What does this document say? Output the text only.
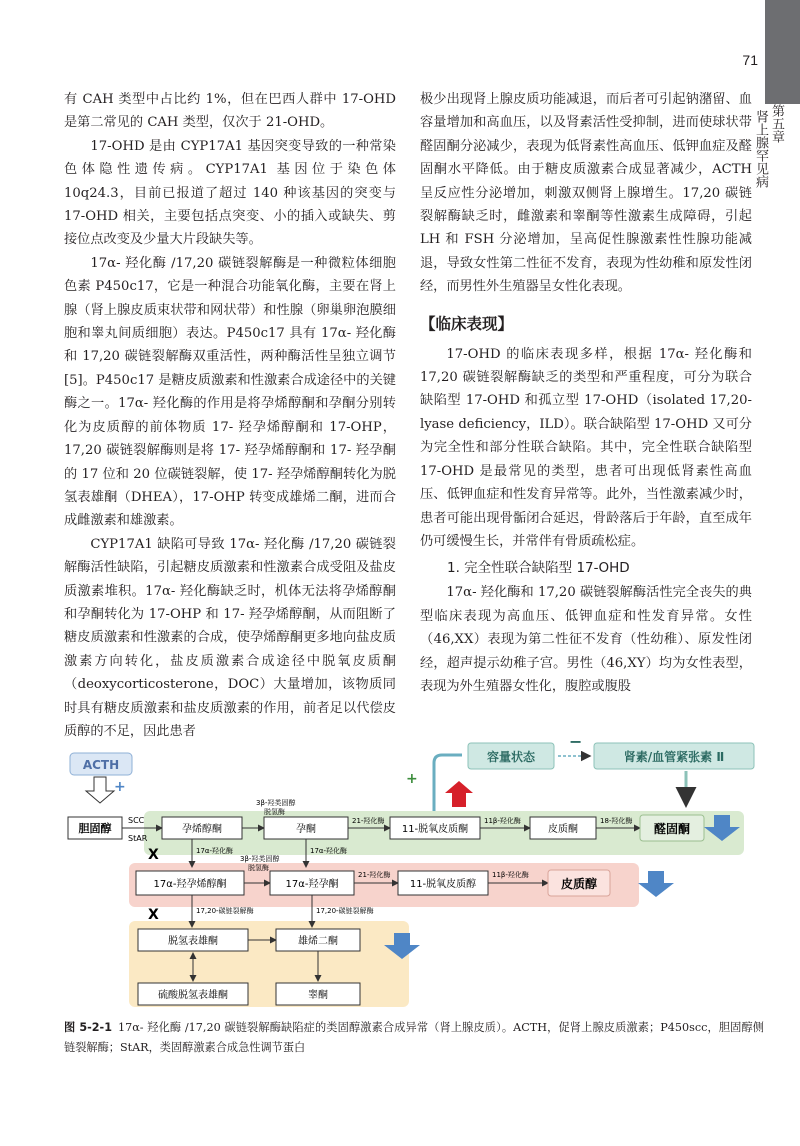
第五章
肾上腺罕见病
71

有 CAH 类型中占比约 1%，但在巴西人群中 17-OHD 是第二常见的 CAH 类型，仅次于 21-OHD。

17-OHD 是由 CYP17A1 基因突变导致的一种常染色体隐性遗传病。CYP17A1 基因位于染色体 10q24.3，目前已报道了超过 140 种该基因的突变与 17-OHD 相关，主要包括点突变、小的插入或缺失、剪接位点改变及少量大片段缺失等。

17α- 羟化酶 /17,20 碳链裂解酶是一种微粒体细胞色素 P450c17，它是一种混合功能氧化酶，主要在肾上腺（肾上腺皮质束状带和网状带）和性腺（卵巢卵泡膜细胞和睾丸间质细胞）表达。P450c17 具有 17α- 羟化酶和 17,20 碳链裂解酶双重活性，两种酶活性呈独立调节[5]。P450c17 是糖皮质激素和性激素合成途径中的关键酶之一。17α- 羟化酶的作用是将孕烯醇酮和孕酮分别转化为皮质醇的前体物质 17- 羟孕烯醇酮和 17-OHP，17,20 碳链裂解酶则是将 17- 羟孕烯醇酮和 17- 羟孕酮的 17 位和 20 位碳链裂解，使 17- 羟孕烯醇酮转化为脱氢表雄酮（DHEA），17-OHP 转变成雄烯二酮，进而合成雌激素和雄激素。

CYP17A1 缺陷可导致 17α- 羟化酶 /17,20 碳链裂解酶活性缺陷，引起糖皮质激素和性激素合成受阻及盐皮质激素堆积。17α- 羟化酶缺乏时，机体无法将孕烯醇酮和孕酮转化为 17-OHP 和 17- 羟孕烯醇酮，从而阻断了糖皮质激素和性激素的合成，使孕烯醇酮更多地向盐皮质激素方向转化，盐皮质激素合成途径中脱氧皮质酮（deoxycorticosterone，DOC）大量增加，该物质同时具有糖皮质激素和盐皮质激素的作用，前者足以代偿皮质醇的不足，因此患者

极少出现肾上腺皮质功能减退，而后者可引起钠潴留、血容量增加和高血压，以及肾素活性受抑制，进而使球状带醛固酮分泌减少，表现为低肾素性高血压、低钾血症及醛固酮水平降低。由于糖皮质激素合成显著减少，ACTH 呈反应性分泌增加，刺激双侧肾上腺增生。17,20 碳链裂解酶缺乏时，雌激素和睾酮等性激素生成障碍，引起 LH 和 FSH 分泌增加，呈高促性腺激素性性腺功能减退，导致女性第二性征不发育，表现为性幼稚和原发性闭经，而男性外生殖器呈女性化表现。

【临床表现】

17-OHD 的临床表现多样，根据 17α- 羟化酶和 17,20 碳链裂解酶缺乏的类型和严重程度，可分为联合缺陷型 17-OHD 和孤立型 17-OHD（isolated 17,20-lyase deficiency，ILD）。联合缺陷型 17-OHD 又可分为完全性和部分性联合缺陷。其中，完全性联合缺陷型 17-OHD 是最常见的类型，患者可出现低肾素性高血压、低钾血症和性发育异常等。此外，当性激素减少时，患者可能出现骨骺闭合延迟，骨龄落后于年龄，直至成年仍可缓慢生长，并常伴有骨质疏松症。

1. 完全性联合缺陷型 17-OHD

17α- 羟化酶和 17,20 碳链裂解酶活性完全丧失的典型临床表现为高血压、低钾血症和性发育异常。女性（46,XX）表现为第二性征不发育（性幼稚）、原发性闭经，超声提示幼稚子宫。男性（46,XY）均为女性表型，表现为外生殖器女性化，腹腔或腹股

ACTH
+	+
容量状态
−
肾素/血管紧张素 Ⅱ
胆固醇
SCC
StAR
孕烯醇酮
3β-羟类固醇
脱氢酶
孕酮
21-羟化酶
11-脱氧皮质酮
11β-羟化酶
皮质酮
18-羟化酶
醛固酮
X	17α-羟化酶	17α-羟化酶
17α-羟孕烯醇酮
3β-羟类固醇
脱氢酶
17α-羟孕酮
21-羟化酶
11-脱氧皮质醇
11β-羟化酶
皮质醇
X	17,20-碳链裂解酶	17,20-碳链裂解酶
脱氢表雄酮	雄烯二酮
硫酸脱氢表雄酮	睾酮
图 5-2-1 17α- 羟化酶 /17,20 碳链裂解酶缺陷症的类固醇激素合成异常（肾上腺皮质）。ACTH，促肾上腺皮质激素；P450scc，胆固醇侧链裂解酶；StAR，类固醇激素合成急性调节蛋白
